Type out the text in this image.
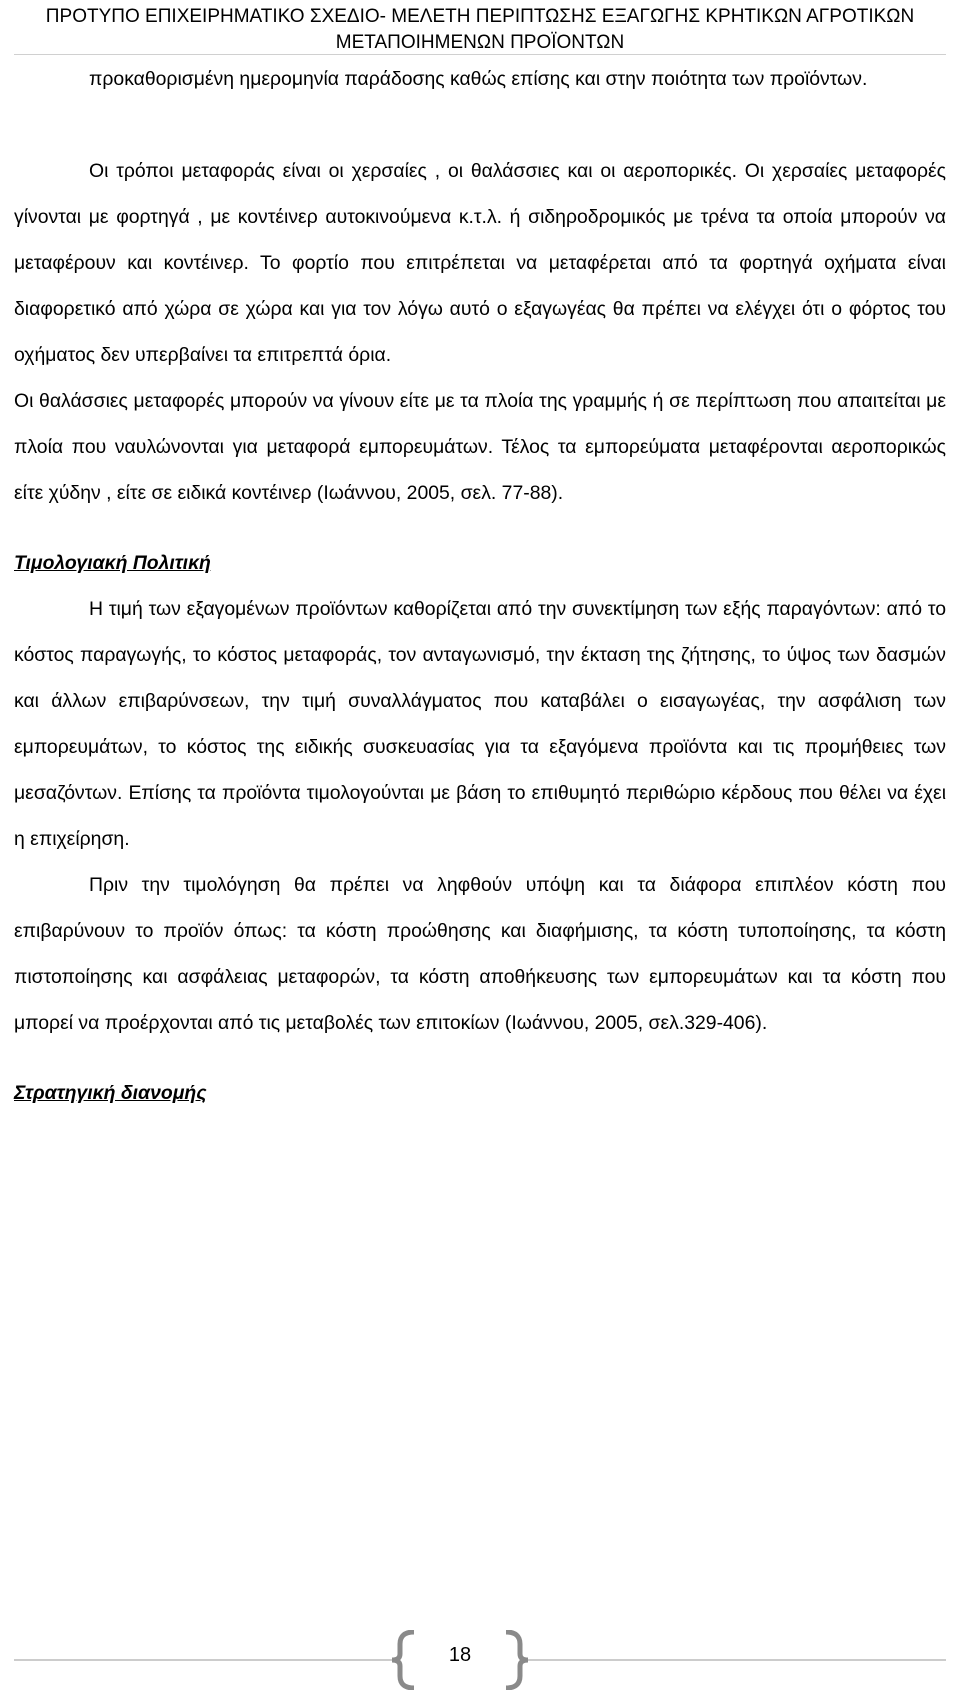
ΠΡΟΤΥΠΟ ΕΠΙΧΕΙΡΗΜΑΤΙΚΟ ΣΧΕΔΙΟ- ΜΕΛΕΤΗ ΠΕΡΙΠΤΩΣΗΣ ΕΞΑΓΩΓΗΣ ΚΡΗΤΙΚΩΝ ΑΓΡΟΤΙΚΩΝ
ΜΕΤΑΠΟΙΗΜΕΝΩΝ ΠΡΟΪΟΝΤΩΝ

προκαθορισμένη ημερομηνία παράδοσης καθώς επίσης και στην ποιότητα των προϊόντων.

Οι τρόποι μεταφοράς είναι οι χερσαίες , οι θαλάσσιες και οι αεροπορικές. Οι χερσαίες μεταφορές γίνονται με φορτηγά , με κοντέινερ αυτοκινούμενα κ.τ.λ. ή σιδηροδρομικός με τρένα τα οποία μπορούν να μεταφέρουν και κοντέινερ. Το φορτίο που επιτρέπεται να μεταφέρεται από τα φορτηγά οχήματα είναι διαφορετικό από χώρα σε χώρα και για τον λόγω αυτό ο εξαγωγέας θα πρέπει να ελέγχει ότι ο φόρτος του οχήματος δεν υπερβαίνει τα επιτρεπτά όρια.

Οι θαλάσσιες μεταφορές μπορούν να γίνουν είτε με τα πλοία της γραμμής ή σε περίπτωση που απαιτείται με πλοία που ναυλώνονται για μεταφορά εμπορευμάτων. Τέλος τα εμπορεύματα μεταφέρονται αεροπορικώς είτε χύδην , είτε σε ειδικά κοντέινερ (Ιωάννου, 2005, σελ. 77-88).

Τιμολογιακή Πολιτική

Η τιμή των εξαγομένων προϊόντων καθορίζεται από την συνεκτίμηση των εξής παραγόντων: από το κόστος παραγωγής, το κόστος μεταφοράς, τον ανταγωνισμό, την έκταση της ζήτησης, το ύψος των δασμών και άλλων επιβαρύνσεων, την τιμή συναλλάγματος που καταβάλει ο εισαγωγέας, την ασφάλιση των εμπορευμάτων, το κόστος της ειδικής συσκευασίας για τα εξαγόμενα προϊόντα και τις προμήθειες των μεσαζόντων. Επίσης τα προϊόντα τιμολογούνται με βάση το επιθυμητό περιθώριο κέρδους που θέλει να έχει η επιχείρηση.

Πριν την τιμολόγηση θα πρέπει να ληφθούν υπόψη και τα διάφορα επιπλέον κόστη που επιβαρύνουν το προϊόν όπως: τα κόστη προώθησης και διαφήμισης, τα κόστη τυποποίησης, τα κόστη πιστοποίησης και ασφάλειας μεταφορών, τα κόστη αποθήκευσης των εμπορευμάτων και τα κόστη που μπορεί να προέρχονται από τις μεταβολές των επιτοκίων (Ιωάννου, 2005, σελ.329-406).

Στρατηγική διανομής

18
